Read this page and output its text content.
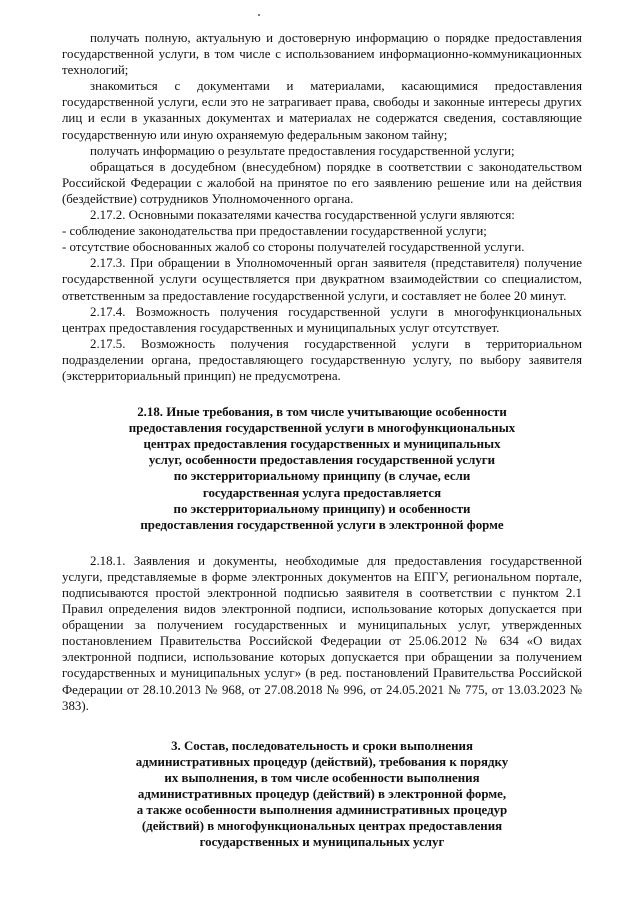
получать полную, актуальную и достоверную информацию о порядке предоставления государственной услуги, в том числе с использованием информационно-коммуникационных технологий;

знакомиться с документами и материалами, касающимися предоставления государственной услуги, если это не затрагивает права, свободы и законные интересы других лиц и если в указанных документах и материалах не содержатся сведения, составляющие государственную или иную охраняемую федеральным законом тайну;

получать информацию о результате предоставления государственной услуги;

обращаться в досудебном (внесудебном) порядке в соответствии с законодательством Российской Федерации с жалобой на принятое по его заявлению решение или на действия (бездействие) сотрудников Уполномоченного органа.

2.17.2. Основными показателями качества государственной услуги являются:

- соблюдение законодательства при предоставлении государственной услуги;

- отсутствие обоснованных жалоб со стороны получателей государственной услуги.

2.17.3. При обращении в Уполномоченный орган заявителя (представителя) получение государственной услуги осуществляется при двукратном взаимодействии со специалистом, ответственным за предоставление государственной услуги, и составляет не более 20 минут.

2.17.4. Возможность получения государственной услуги в многофункциональных центрах предоставления государственных и муниципальных услуг отсутствует.

2.17.5. Возможность получения государственной услуги в территориальном подразделении органа, предоставляющего государственную услугу, по выбору заявителя (экстерриториальный принцип) не предусмотрена.

2.18. Иные требования, в том числе учитывающие особенности
предоставления государственной услуги в многофункциональных
центрах предоставления государственных и муниципальных
услуг, особенности предоставления государственной услуги
по экстерриториальному принципу (в случае, если
государственная услуга предоставляется
по экстерриториальному принципу) и особенности
предоставления государственной услуги в электронной форме

2.18.1. Заявления и документы, необходимые для предоставления государственной услуги, представляемые в форме электронных документов на ЕПГУ, региональном портале, подписываются простой электронной подписью заявителя в соответствии с пунктом 2.1 Правил определения видов электронной подписи, использование которых допускается при обращении за получением государственных и муниципальных услуг, утвержденных постановлением Правительства Российской Федерации от 25.06.2012 № 634 «О видах электронной подписи, использование которых допускается при обращении за получением государственных и муниципальных услуг» (в ред. постановлений Правительства Российской Федерации от 28.10.2013 № 968, от 27.08.2018 № 996, от 24.05.2021 № 775, от 13.03.2023 № 383).

3. Состав, последовательность и сроки выполнения
административных процедур (действий), требования к порядку
их выполнения, в том числе особенности выполнения
административных процедур (действий) в электронной форме,
а также особенности выполнения административных процедур
(действий) в многофункциональных центрах предоставления
государственных и муниципальных услуг
